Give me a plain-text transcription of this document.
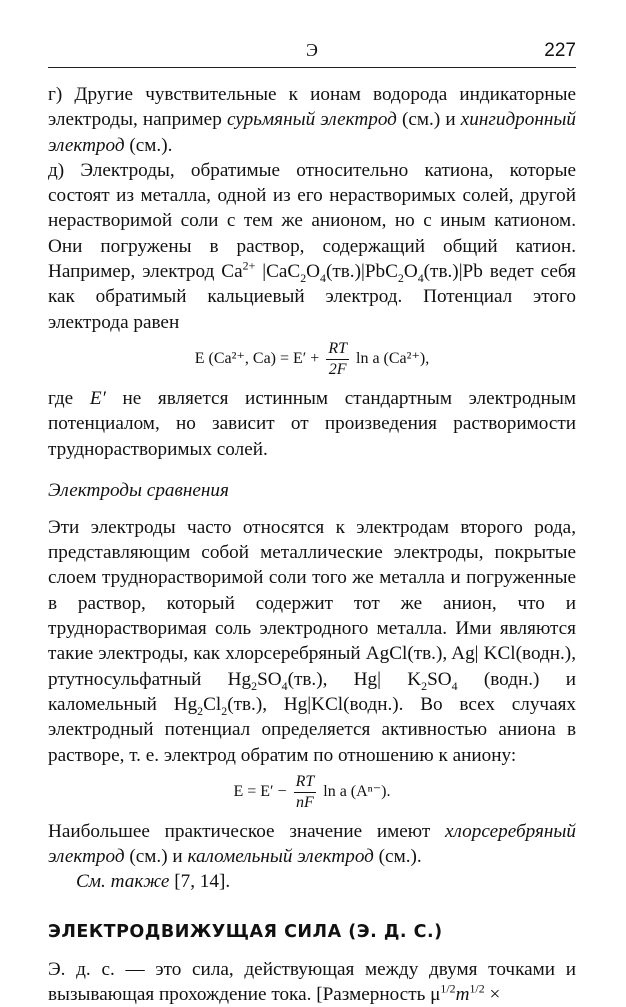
Э	227

г) Другие чувствительные к ионам водорода индикаторные электроды, например сурьмяный электрод (см.) и хингидронный электрод (см.).

д) Электроды, обратимые относительно катиона, которые состоят из металла, одной из его нерастворимых солей, другой нерастворимой соли с тем же анионом, но с иным катионом. Они погружены в раствор, содержащий общий катион. Например, электрод $Ca^{2+}$ $|CaC_2O_4(тв.)|PbC_2O_4(тв.)|Pb$ ведет себя как обратимый кальциевый электрод. Потенциал этого электрода равен

E (Ca²⁺, $Ca) = E' + \frac{RT}{2F}$ ln a (Ca²⁺),

где E′ не является истинным стандартным электродным потенциалом, но зависит от произведения растворимости труднорастворимых солей.

Электроды сравнения

Эти электроды часто относятся к электродам второго рода, представляющим собой металлические электроды, покрытые слоем труднорастворимой соли того же металла и погруженные в раствор, который содержит тот же анион, что и труднорастворимая соль электродного металла. Ими являются такие электроды, как хлорсеребряный AgCl(тв.), Ag| KCl(водн.), ртутносульфатный $Hg_2SO_4(тв.)$, Hg| $K_2SO_4$ (водн.) и каломельный $Hg_2Cl_2(тв.)$, Hg|KCl(водн.). Во всех случаях электродный потенциал определяется активностью аниона в растворе, т. е. электрод обратим по отношению к аниону:

$E = E' - \frac{RT}{nF}$ ln a (Aⁿ⁻).

Наибольшее практическое значение имеют хлорсеребряный электрод (см.) и каломельный электрод (см.).

См. также [7, 14].

ЭЛЕКТРОДВИЖУЩАЯ СИЛА (Э. Д. С.)

Э. д. с. — это сила, действующая между двумя точками и вызывающая прохождение тока. [Размерность $\mu^{1/2}m^{1/2}$ ×
